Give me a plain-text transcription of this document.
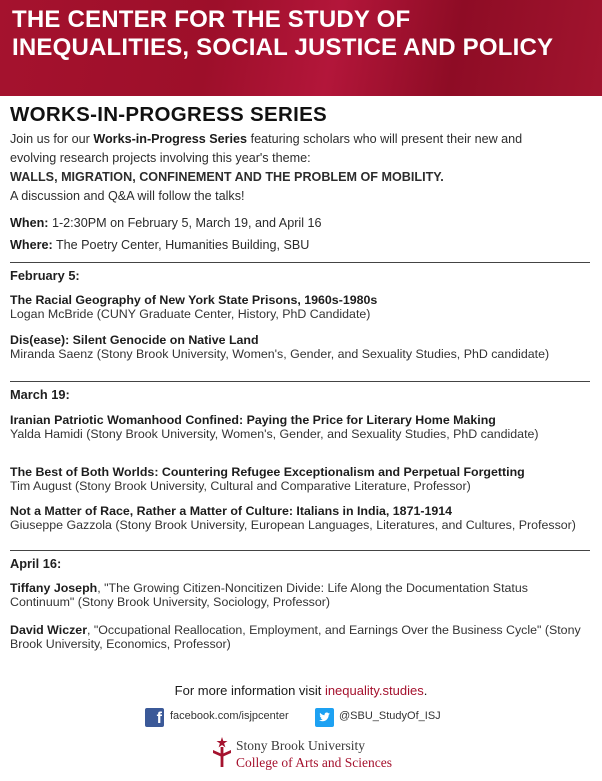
THE CENTER FOR THE STUDY OF
INEQUALITIES, SOCIAL JUSTICE AND POLICY
WORKS-IN-PROGRESS SERIES
Join us for our Works-in-Progress Series featuring scholars who will present their new and
evolving research projects involving this year's theme:
WALLS, MIGRATION, CONFINEMENT AND THE PROBLEM OF MOBILITY.
A discussion and Q&A will follow the talks!
When: 1-2:30PM on February 5, March 19, and April 16
Where: The Poetry Center, Humanities Building, SBU
February 5:
The Racial Geography of New York State Prisons, 1960s-1980s
Logan McBride (CUNY Graduate Center, History, PhD Candidate)
Dis(ease): Silent Genocide on Native Land
Miranda Saenz (Stony Brook University, Women's, Gender, and Sexuality Studies, PhD candidate)
March 19:
Iranian Patriotic Womanhood Confined: Paying the Price for Literary Home Making
Yalda Hamidi (Stony Brook University, Women's, Gender, and Sexuality Studies, PhD candidate)
The Best of Both Worlds: Countering Refugee Exceptionalism and Perpetual Forgetting
Tim August (Stony Brook University, Cultural and Comparative Literature, Professor)
Not a Matter of Race, Rather a Matter of Culture: Italians in India, 1871-1914
Giuseppe Gazzola (Stony Brook University, European Languages, Literatures, and Cultures, Professor)
April 16:
Tiffany Joseph, "The Growing Citizen-Noncitizen Divide: Life Along the Documentation Status Continuum" (Stony Brook University, Sociology, Professor)
David Wiczer, "Occupational Reallocation, Employment, and Earnings Over the Business Cycle" (Stony Brook University, Economics, Professor)
For more information visit inequality.studies.
f facebook.com/isjpcenter	@SBU_StudyOf_ISJ
Stony Brook University
College of Arts and Sciences
